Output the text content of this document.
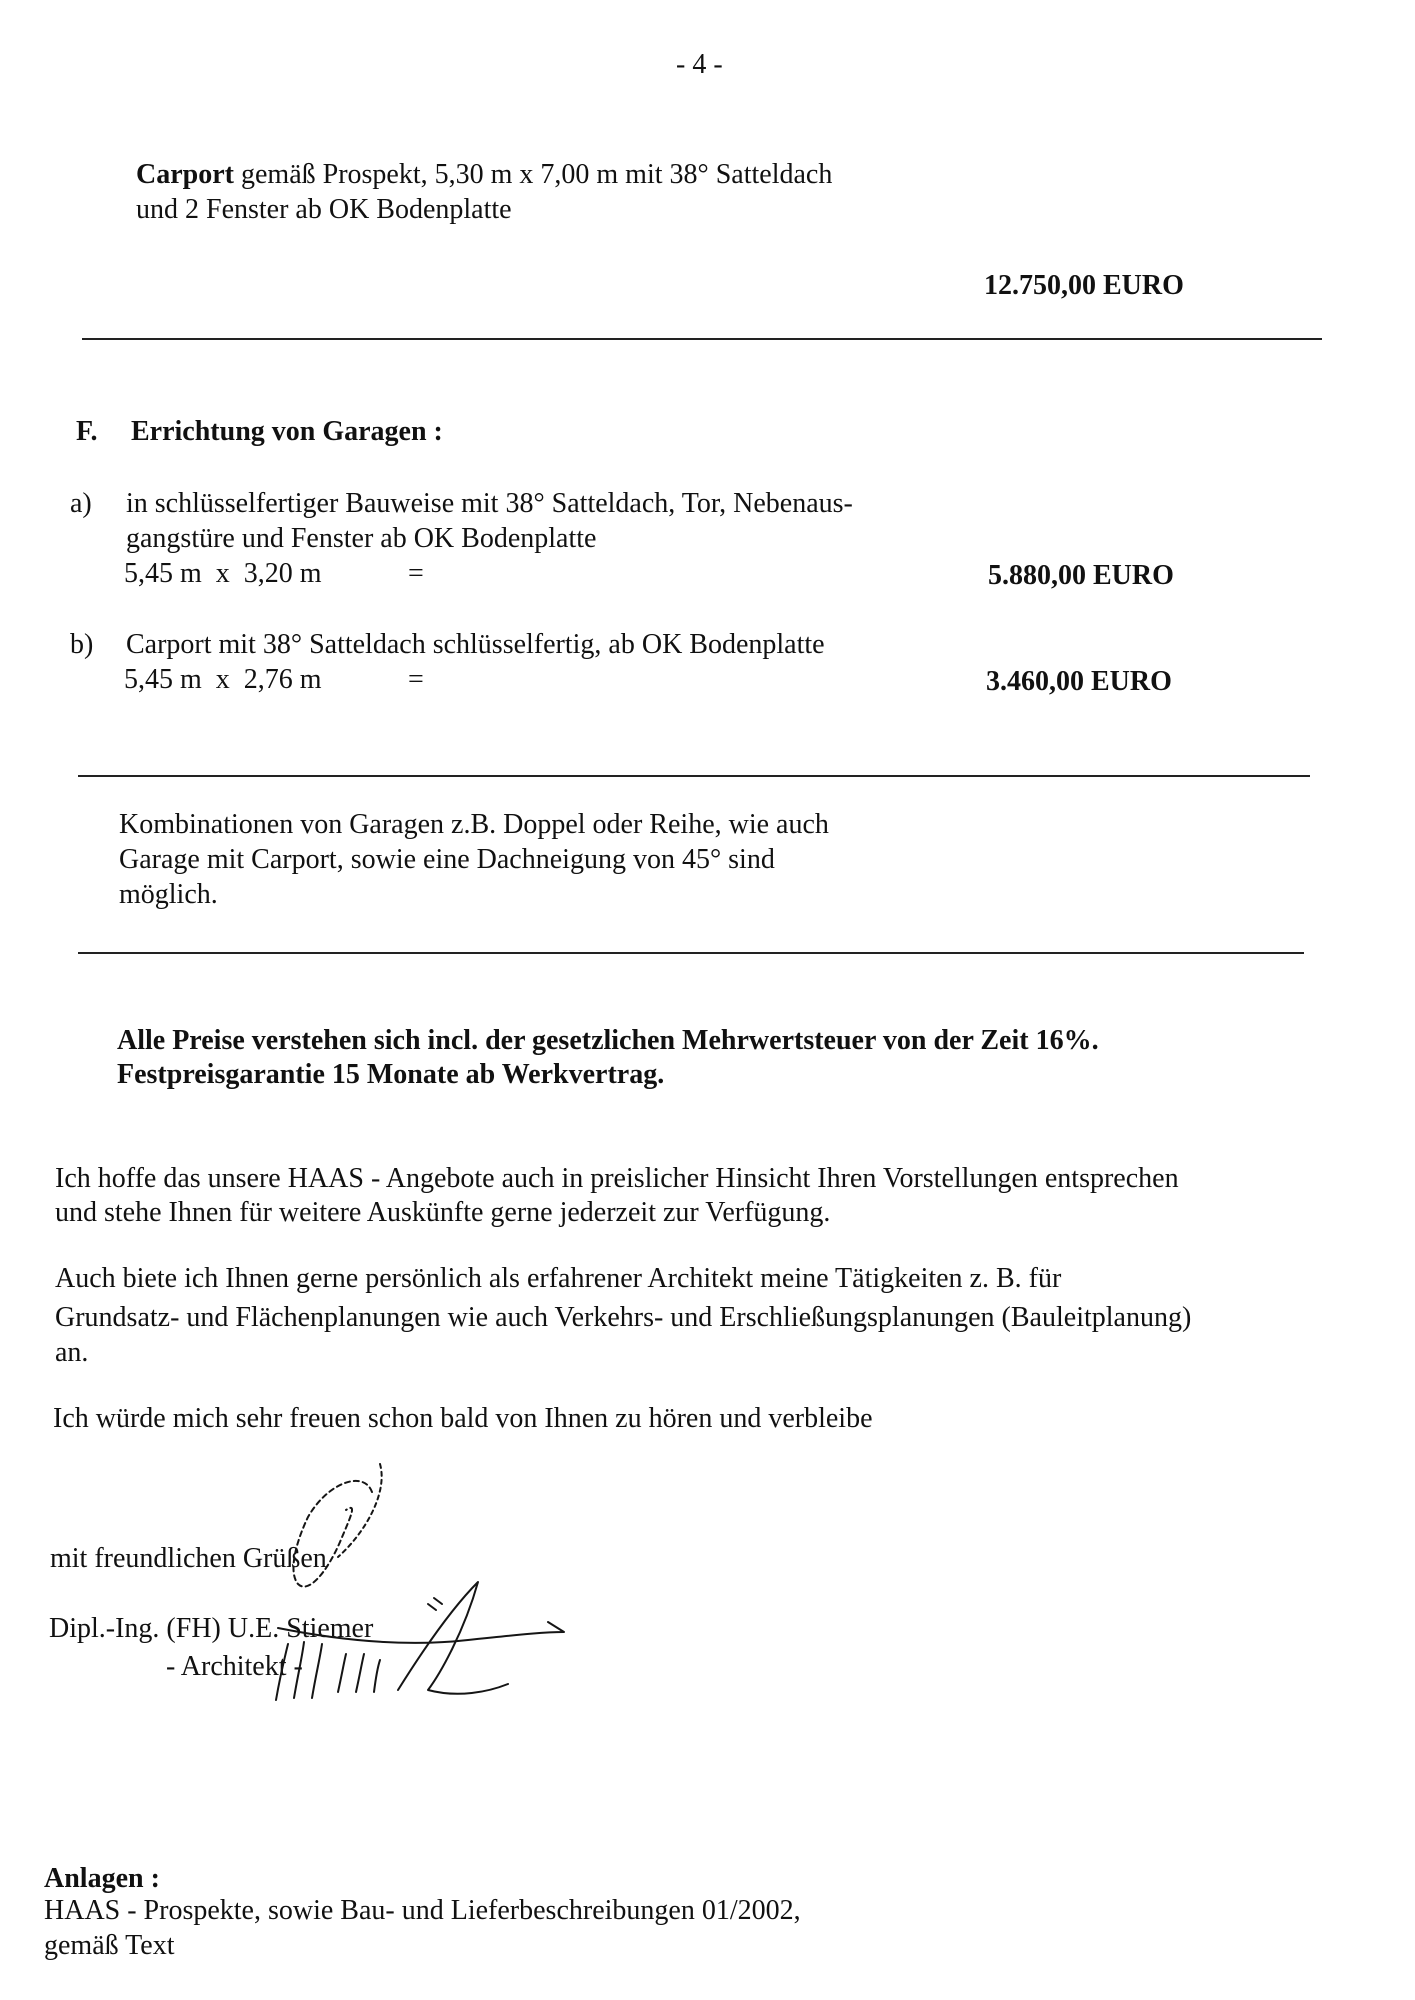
- 4 -
Carport gemäß Prospekt, 5,30 m x 7,00 m mit 38° Satteldach
und 2 Fenster ab OK Bodenplatte
12.750,00 EURO
F. Errichtung von Garagen :
a) in schlüsselfertiger Bauweise mit 38° Satteldach, Tor, Nebenaus-
gangstüre und Fenster ab OK Bodenplatte
5,45 m  x  3,20 m	=	5.880,00 EURO
b) Carport mit 38° Satteldach schlüsselfertig, ab OK Bodenplatte
5,45 m  x  2,76 m	=	3.460,00 EURO
Kombinationen von Garagen z.B. Doppel oder Reihe, wie auch
Garage mit Carport, sowie eine Dachneigung von 45° sind
möglich.
Alle Preise verstehen sich incl. der gesetzlichen Mehrwertsteuer von der Zeit 16%.
Festpreisgarantie 15 Monate ab Werkvertrag.
Ich hoffe das unsere HAAS - Angebote auch in preislicher Hinsicht Ihren Vorstellungen entsprechen
und stehe Ihnen für weitere Auskünfte gerne jederzeit zur Verfügung.
Auch biete ich Ihnen gerne persönlich als erfahrener Architekt meine Tätigkeiten z. B. für
Grundsatz- und Flächenplanungen wie auch Verkehrs- und Erschließungsplanungen (Bauleitplanung)
an.
Ich würde mich sehr freuen schon bald von Ihnen zu hören und verbleibe
mit freundlichen Grüßen
Dipl.-Ing. (FH) U.E. Stiemer
- Architekt -
Anlagen :
HAAS - Prospekte, sowie Bau- und Lieferbeschreibungen 01/2002,
gemäß Text
